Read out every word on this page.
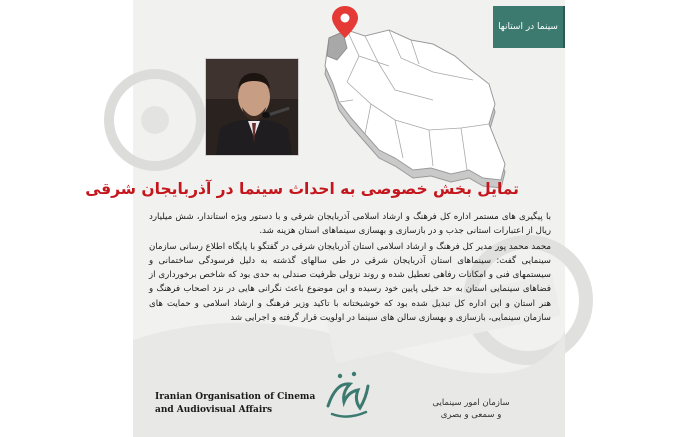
سینما در استانها
تمایل بخش خصوصی به احداث سینما در آذربایجان شرقی

با پیگیری های مستمر اداره کل فرهنگ و ارشاد اسلامی آذربایجان شرقی و با دستور ویژه استاندار، شش میلیارد ریال از اعتبارات استانی جذب و در بازسازی و بهسازی سینماهای استان هزینه شد.

محمد محمد پور مدیر کل فرهنگ و ارشاد اسلامی استان آذربایجان شرقی در گفتگو با پایگاه اطلاع رسانی سازمان سینمایی گفت: سینماهای استان آذربایجان شرقی در طی سالهای گذشته به دلیل فرسودگی ساختمانی و سیستمهای فنی و امکانات رفاهی تعطیل شده و روند نزولی ظرفیت صندلی به حدی بود که شاخص برخورداری از فضاهای سینمایی استان به حد خیلی پایین خود رسیده و این موضوع باعث نگرانی هایی در نزد اصحاب فرهنگ و هنر استان و این اداره کل تبدیل شده بود که خوشبختانه با تاکید وزیر فرهنگ و ارشاد اسلامی و حمایت های سازمان سینمایی، بازسازی و بهسازی سالن های سینما در اولویت قرار گرفته و اجرایی شد

Iranian Organisation of Cinema
and Audiovisual Affairs
سازمان امور سینمایی
و سمعی و بصری
